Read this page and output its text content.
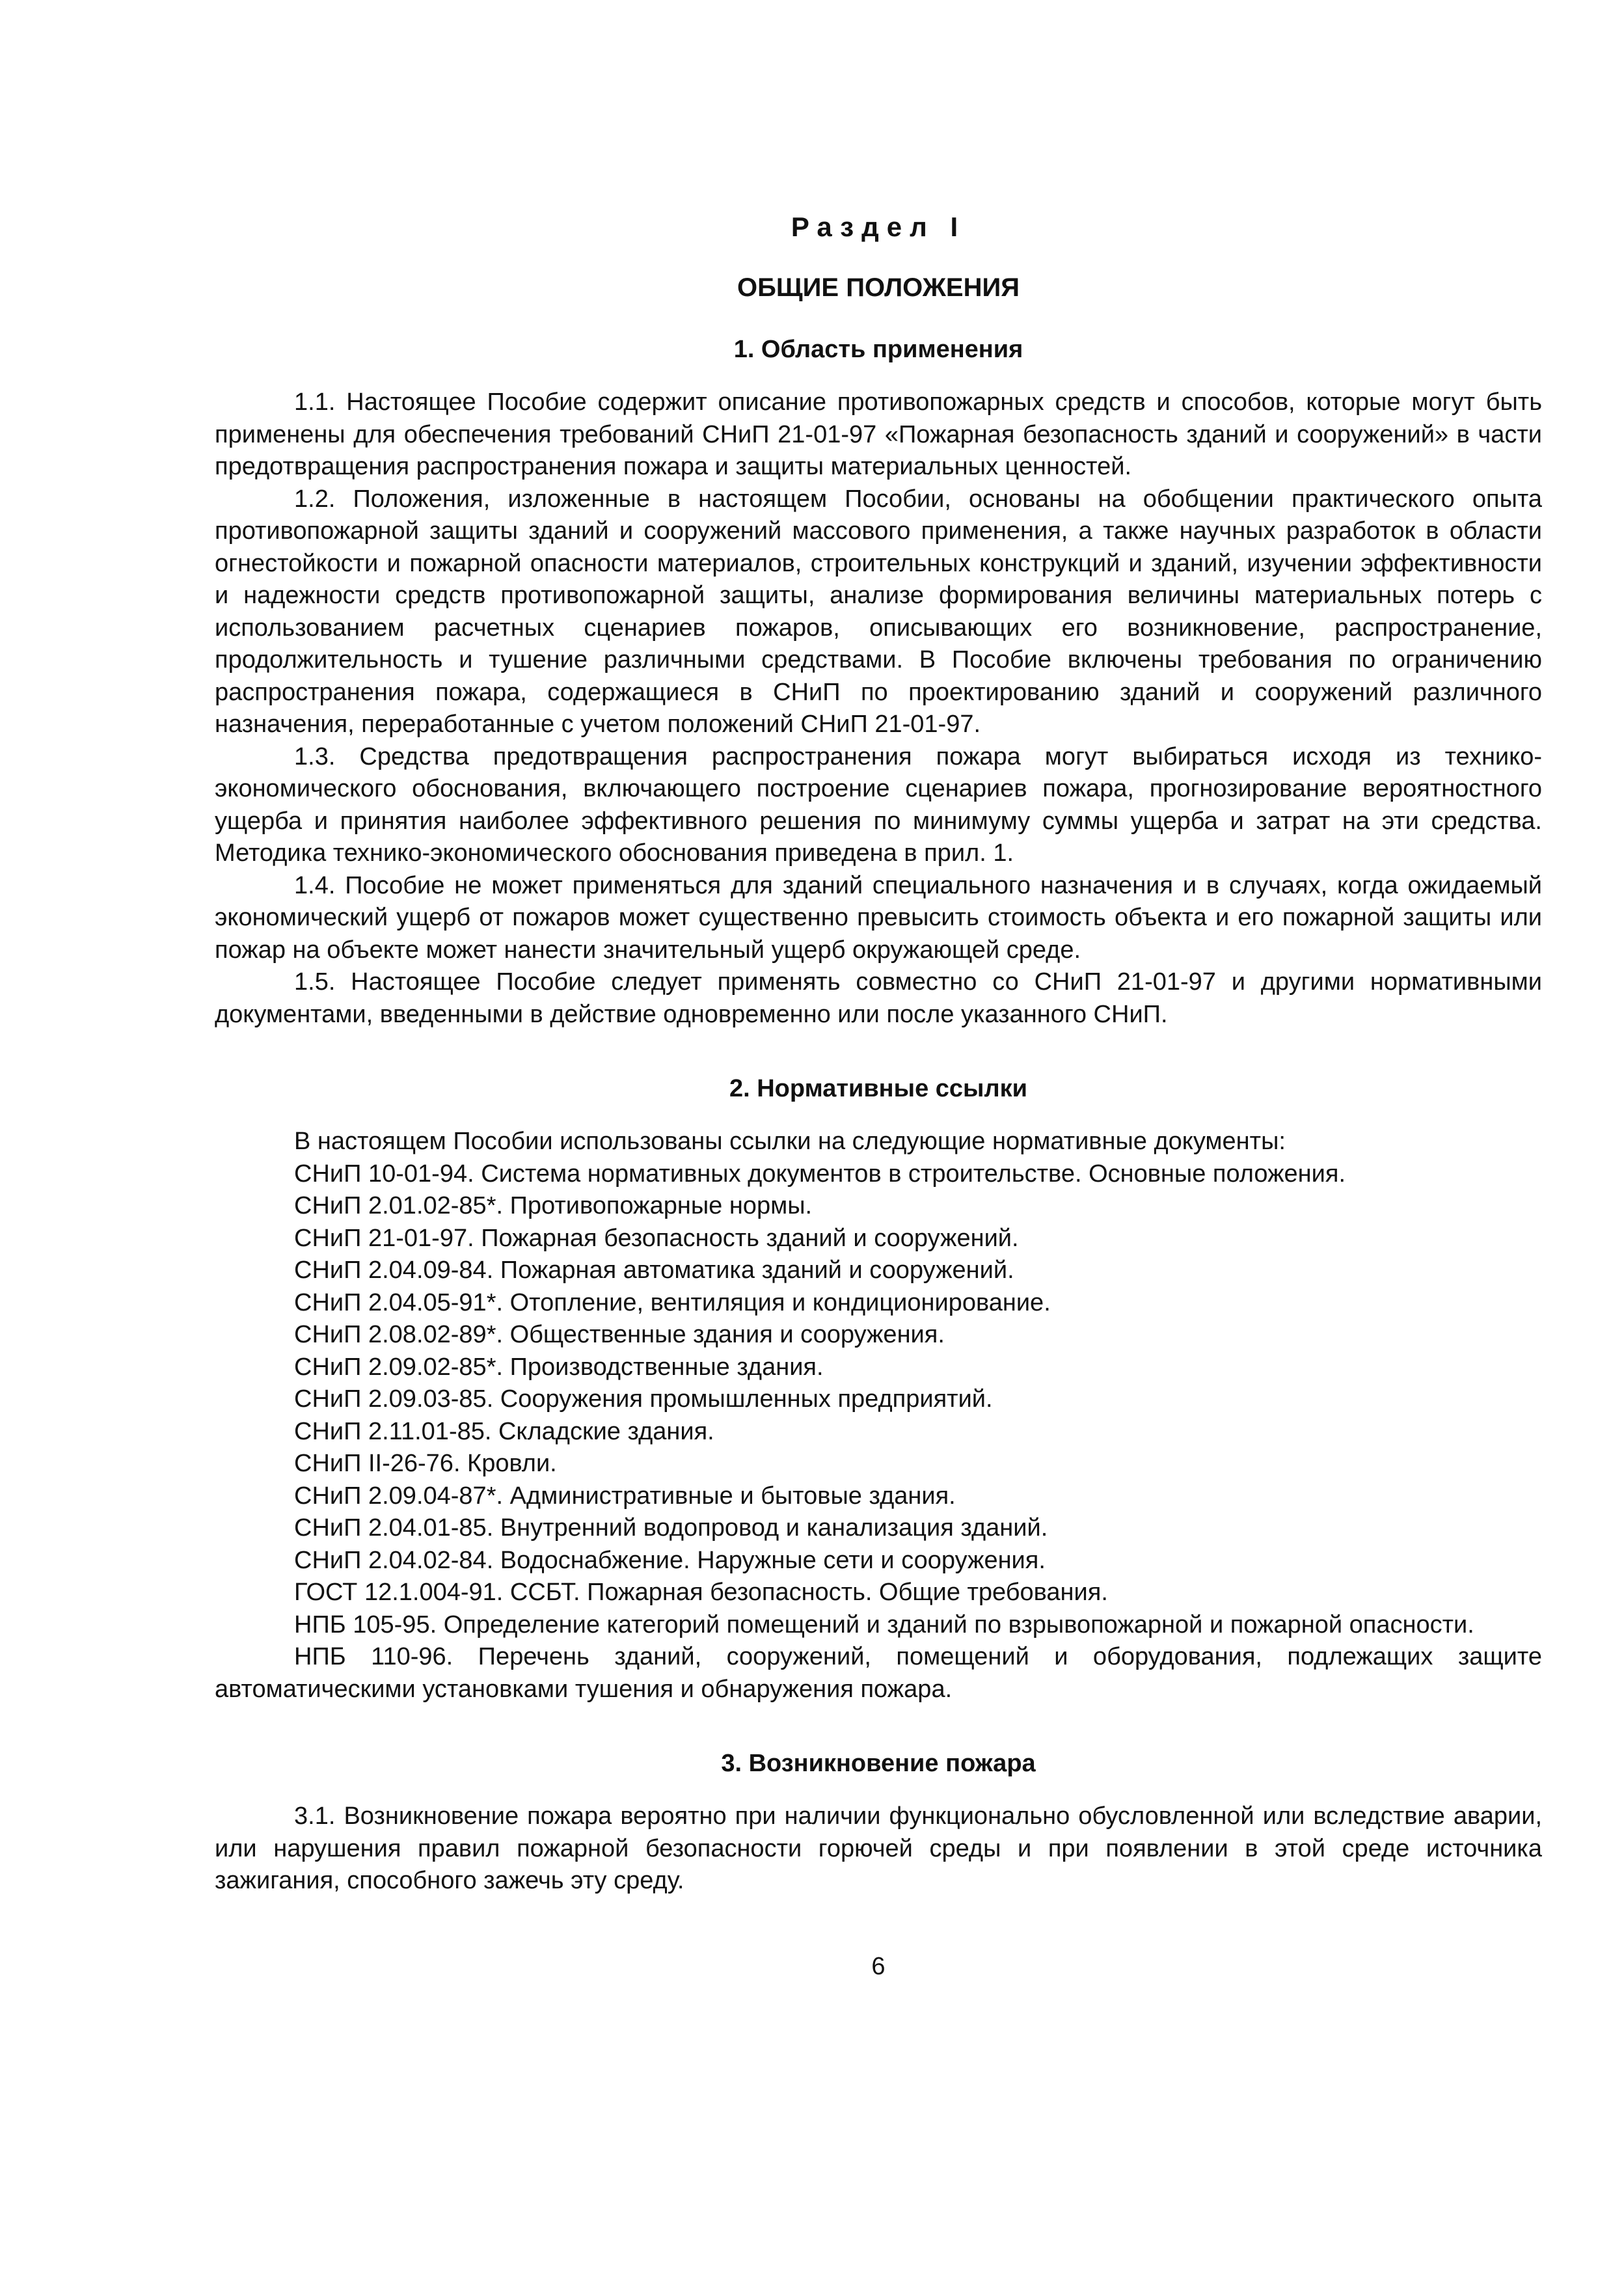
Раздел I
ОБЩИЕ ПОЛОЖЕНИЯ
1. Область применения

1.1. Настоящее Пособие содержит описание противопожарных средств и способов, которые могут быть применены для обеспечения требований СНиП 21-01-97 «Пожарная безопасность зданий и сооружений» в части предотвращения распространения пожара и защиты материальных ценностей.

1.2. Положения, изложенные в настоящем Пособии, основаны на обобщении практического опыта противопожарной защиты зданий и сооружений массового применения, а также научных разработок в области огнестойкости и пожарной опасности материалов, строительных конструкций и зданий, изучении эффективности и надежности средств противопожарной защиты, анализе формирования величины материальных потерь с использованием расчетных сценариев пожаров, описывающих его возникновение, распространение, продолжительность и тушение различными средствами. В Пособие включены требования по ограничению распространения пожара, содержащиеся в СНиП по проектированию зданий и сооружений различного назначения, переработанные с учетом положений СНиП 21-01-97.

1.3. Средства предотвращения распространения пожара могут выбираться исходя из технико-экономического обоснования, включающего построение сценариев пожара, прогнозирование вероятностного ущерба и принятия наиболее эффективного решения по минимуму суммы ущерба и затрат на эти средства. Методика технико-экономического обоснования приведена в прил. 1.

1.4. Пособие не может применяться для зданий специального назначения и в случаях, когда ожидаемый экономический ущерб от пожаров может существенно превысить стоимость объекта и его пожарной защиты или пожар на объекте может нанести значительный ущерб окружающей среде.

1.5. Настоящее Пособие следует применять совместно со СНиП 21-01-97 и другими нормативными документами, введенными в действие одновременно или после указанного СНиП.

2. Нормативные ссылки

В настоящем Пособии использованы ссылки на следующие нормативные документы:

СНиП 10-01-94. Система нормативных документов в строительстве. Основные положения.
СНиП 2.01.02-85*. Противопожарные нормы.
СНиП 21-01-97. Пожарная безопасность зданий и сооружений.
СНиП 2.04.09-84. Пожарная автоматика зданий и сооружений.
СНиП 2.04.05-91*. Отопление, вентиляция и кондиционирование.
СНиП 2.08.02-89*. Общественные здания и сооружения.
СНиП 2.09.02-85*. Производственные здания.
СНиП 2.09.03-85. Сооружения промышленных предприятий.
СНиП 2.11.01-85. Складские здания.
СНиП II-26-76. Кровли.
СНиП 2.09.04-87*. Административные и бытовые здания.
СНиП 2.04.01-85. Внутренний водопровод и канализация зданий.
СНиП 2.04.02-84. Водоснабжение. Наружные сети и сооружения.
ГОСТ 12.1.004-91. ССБТ. Пожарная безопасность. Общие требования.
НПБ 105-95. Определение категорий помещений и зданий по взрывопожарной и пожарной опасности.
НПБ 110-96. Перечень зданий, сооружений, помещений и оборудования, подлежащих защите автоматическими установками тушения и обнаружения пожара.
3. Возникновение пожара

3.1. Возникновение пожара вероятно при наличии функционально обусловленной или вследствие аварии, или нарушения правил пожарной безопасности горючей среды и при появлении в этой среде источника зажигания, способного зажечь эту среду.

6
